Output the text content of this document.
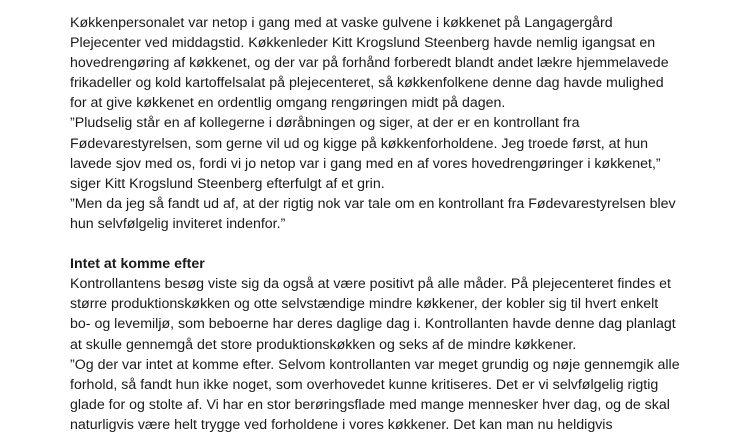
Køkkenpersonalet var netop i gang med at vaske gulvene i køkkenet på Langagergård Plejecenter ved middagstid. Køkkenleder Kitt Krogslund Steenberg havde nemlig igangsat en hovedrengøring af køkkenet, og der var på forhånd forberedt blandt andet lækre hjemmelavede frikadeller og kold kartoffelsalat på plejecenteret, så køkkenfolkene denne dag havde mulighed for at give køkkenet en ordentlig omgang rengøringen midt på dagen.

”Pludselig står en af kollegerne i døråbningen og siger, at der er en kontrollant fra Fødevarestyrelsen, som gerne vil ud og kigge på køkkenforholdene. Jeg troede først, at hun lavede sjov med os, fordi vi jo netop var i gang med en af vores hovedrengøringer i køkkenet,” siger Kitt Krogslund Steenberg efterfulgt af et grin.

”Men da jeg så fandt ud af, at der rigtig nok var tale om en kontrollant fra Fødevarestyrelsen blev hun selvfølgelig inviteret indenfor.”

Intet at komme efter

Kontrollantens besøg viste sig da også at være positivt på alle måder. På plejecenteret findes et større produktionskøkken og otte selvstændige mindre køkkener, der kobler sig til hvert enkelt bo- og levemiljø, som beboerne har deres daglige dag i. Kontrollanten havde denne dag planlagt at skulle gennemgå det store produktionskøkken og seks af de mindre køkkener.

”Og der var intet at komme efter. Selvom kontrollanten var meget grundig og nøje gennemgik alle forhold, så fandt hun ikke noget, som overhovedet kunne kritiseres. Det er vi selvfølgelig rigtig glade for og stolte af. Vi har en stor berøringsflade med mange mennesker hver dag, og de skal naturligvis være helt trygge ved forholdene i vores køkkener. Det kan man nu heldigvis
